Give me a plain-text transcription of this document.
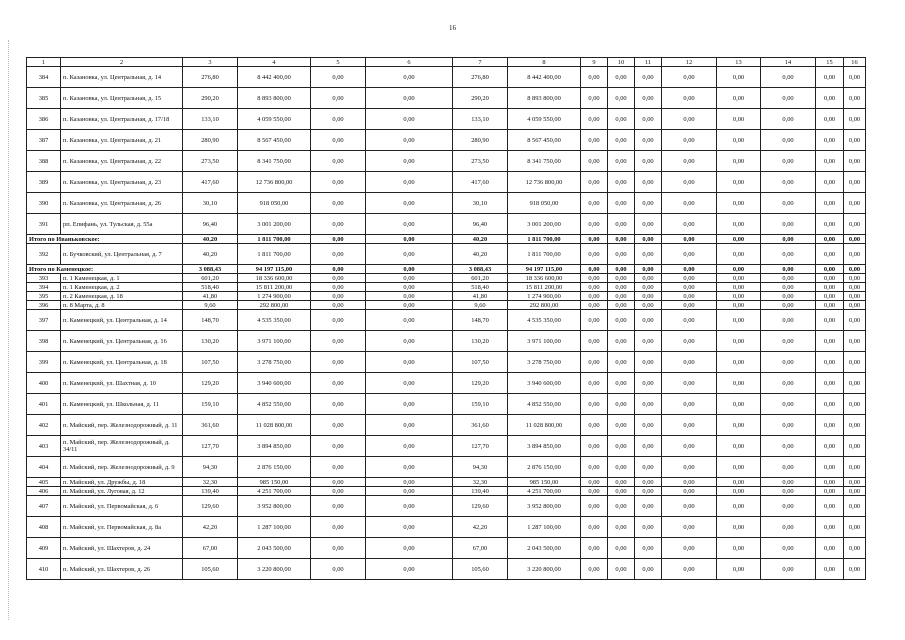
16
1	2	3	4	5	6	7	8	9	10	11	12	13	14	15	16
384	п. Казановка, ул. Центральная, д. 14	276,80	8 442 400,00	0,00	0,00	276,80	8 442 400,00	0,00	0,00	0,00	0,00	0,00	0,00	0,00	0,00
385	п. Казановка, ул. Центральная, д. 15	290,20	8 893 800,00	0,00	0,00	290,20	8 893 800,00	0,00	0,00	0,00	0,00	0,00	0,00	0,00	0,00
386	п. Казановка, ул. Центральная, д. 17/18	133,10	4 059 550,00	0,00	0,00	133,10	4 059 550,00	0,00	0,00	0,00	0,00	0,00	0,00	0,00	0,00
387	п. Казановка, ул. Центральная, д. 21	280,90	8 567 450,00	0,00	0,00	280,90	8 567 450,00	0,00	0,00	0,00	0,00	0,00	0,00	0,00	0,00
388	п. Казановка, ул. Центральная, д. 22	273,50	8 341 750,00	0,00	0,00	273,50	8 341 750,00	0,00	0,00	0,00	0,00	0,00	0,00	0,00	0,00
389	п. Казановка, ул. Центральная, д. 23	417,60	12 736 800,00	0,00	0,00	417,60	12 736 800,00	0,00	0,00	0,00	0,00	0,00	0,00	0,00	0,00
390	п. Казановка, ул. Центральная, д. 26	30,10	918 050,00	0,00	0,00	30,10	918 050,00	0,00	0,00	0,00	0,00	0,00	0,00	0,00	0,00
391	рп. Епифань, ул. Тульская, д. 55а	96,40	3 001 200,00	0,00	0,00	96,40	3 001 200,00	0,00	0,00	0,00	0,00	0,00	0,00	0,00	0,00
Итого по Иваньковское:		40,20	1 811 700,00	0,00	0,00	40,20	1 811 700,00	0,00	0,00	0,00	0,00	0,00	0,00	0,00	0,00
392	п. Бучковский, ул. Центральная, д. 7	40,20	1 811 700,00	0,00	0,00	40,20	1 811 700,00	0,00	0,00	0,00	0,00	0,00	0,00	0,00	0,00
Итого по Каменецкое:		3 088,43	94 197 115,00	0,00	0,00	3 088,43	94 197 115,00	0,00	0,00	0,00	0,00	0,00	0,00	0,00	0,00
393	п. 1 Каменецкая, д. 1	601,20	18 336 600,00	0,00	0,00	601,20	18 336 600,00	0,00	0,00	0,00	0,00	0,00	0,00	0,00	0,00
394	п. 1 Каменецкая, д. 2	518,40	15 811 200,00	0,00	0,00	518,40	15 811 200,00	0,00	0,00	0,00	0,00	0,00	0,00	0,00	0,00
395	п. 2 Каменецкая, д. 18	41,80	1 274 900,00	0,00	0,00	41,80	1 274 900,00	0,00	0,00	0,00	0,00	0,00	0,00	0,00	0,00
396	п. 8 Марта, д. 8	9,60	292 800,00	0,00	0,00	9,60	292 800,00	0,00	0,00	0,00	0,00	0,00	0,00	0,00	0,00
397	п. Каменецкий, ул. Центральная, д. 14	148,70	4 535 350,00	0,00	0,00	148,70	4 535 350,00	0,00	0,00	0,00	0,00	0,00	0,00	0,00	0,00
398	п. Каменецкий, ул. Центральная, д. 16	130,20	3 971 100,00	0,00	0,00	130,20	3 971 100,00	0,00	0,00	0,00	0,00	0,00	0,00	0,00	0,00
399	п. Каменецкий, ул. Центральная, д. 18	107,50	3 278 750,00	0,00	0,00	107,50	3 278 750,00	0,00	0,00	0,00	0,00	0,00	0,00	0,00	0,00
400	п. Каменецкий, ул. Шахтная, д. 10	129,20	3 940 600,00	0,00	0,00	129,20	3 940 600,00	0,00	0,00	0,00	0,00	0,00	0,00	0,00	0,00
401	п. Каменецкий, ул. Школьная, д. 11	159,10	4 852 550,00	0,00	0,00	159,10	4 852 550,00	0,00	0,00	0,00	0,00	0,00	0,00	0,00	0,00
402	п. Майский, пер. Железнодорожный, д. 11	361,60	11 028 800,00	0,00	0,00	361,60	11 028 800,00	0,00	0,00	0,00	0,00	0,00	0,00	0,00	0,00
403	п. Майский, пер. Железнодорожный, д. 34/11	127,70	3 894 850,00	0,00	0,00	127,70	3 894 850,00	0,00	0,00	0,00	0,00	0,00	0,00	0,00	0,00
404	п. Майский, пер. Железнодорожный, д. 9	94,30	2 876 150,00	0,00	0,00	94,30	2 876 150,00	0,00	0,00	0,00	0,00	0,00	0,00	0,00	0,00
405	п. Майский, ул. Дружбы, д. 18	32,30	985 150,00	0,00	0,00	32,30	985 150,00	0,00	0,00	0,00	0,00	0,00	0,00	0,00	0,00
406	п. Майский, ул. Луговая, д. 12	139,40	4 251 700,00	0,00	0,00	139,40	4 251 700,00	0,00	0,00	0,00	0,00	0,00	0,00	0,00	0,00
407	п. Майский, ул. Первомайская, д. 6	129,60	3 952 800,00	0,00	0,00	129,60	3 952 800,00	0,00	0,00	0,00	0,00	0,00	0,00	0,00	0,00
408	п. Майский, ул. Первомайская, д. 8а	42,20	1 287 100,00	0,00	0,00	42,20	1 287 100,00	0,00	0,00	0,00	0,00	0,00	0,00	0,00	0,00
409	п. Майский, ул. Шахтеров, д. 24	67,00	2 043 500,00	0,00	0,00	67,00	2 043 500,00	0,00	0,00	0,00	0,00	0,00	0,00	0,00	0,00
410	п. Майский, ул. Шахтеров, д. 26	105,60	3 220 800,00	0,00	0,00	105,60	3 220 800,00	0,00	0,00	0,00	0,00	0,00	0,00	0,00	0,00
